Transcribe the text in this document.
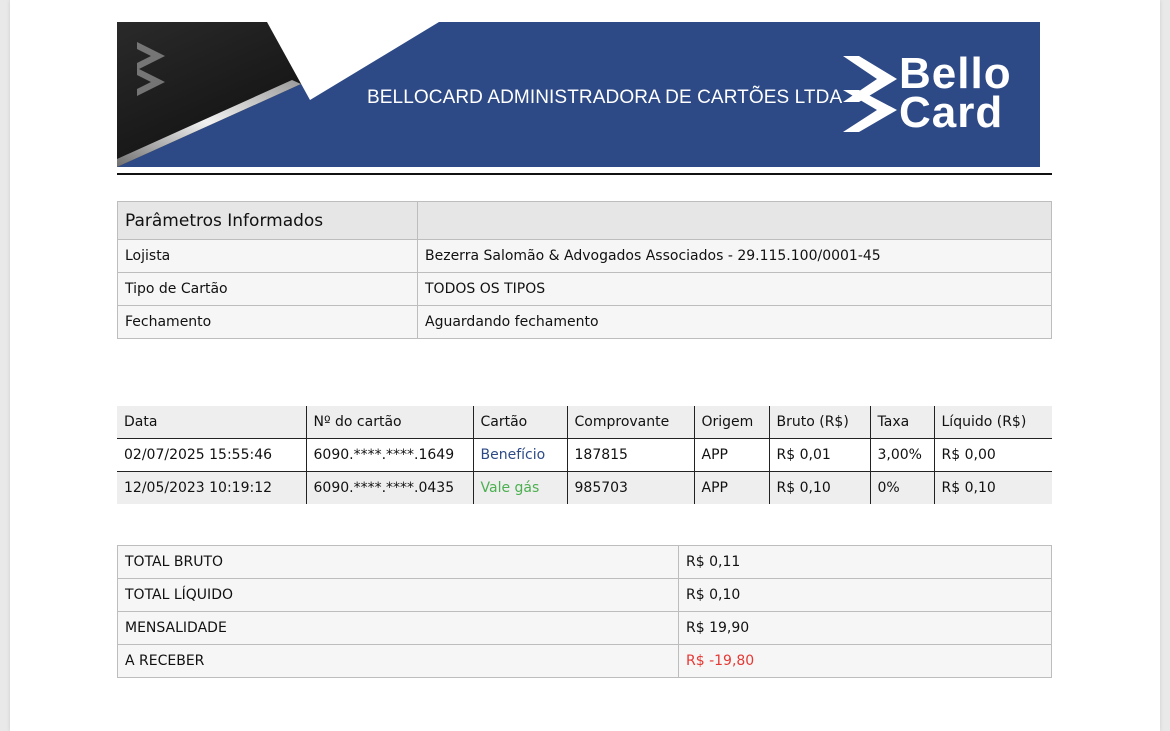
BELLOCARD ADMINISTRADORA DE CARTÕES LTDA Bello
Card
Parâmetros Informados	
Lojista	Bezerra Salomão & Advogados Associados - 29.115.100/0001-45
Tipo de Cartão	TODOS OS TIPOS
Fechamento	Aguardando fechamento
Data	Nº do cartão	Cartão	Comprovante	Origem	Bruto (R$)	Taxa	Líquido (R$)
02/07/2025 15:55:46	6090.****.****.1649	Benefício	187815	APP	R$ 0,01	3,00%	R$ 0,00
12/05/2023 10:19:12	6090.****.****.0435	Vale gás	985703	APP	R$ 0,10	0%	R$ 0,10
TOTAL BRUTO	R$ 0,11
TOTAL LÍQUIDO	R$ 0,10
MENSALIDADE	R$ 19,90
A RECEBER	R$ -19,80
